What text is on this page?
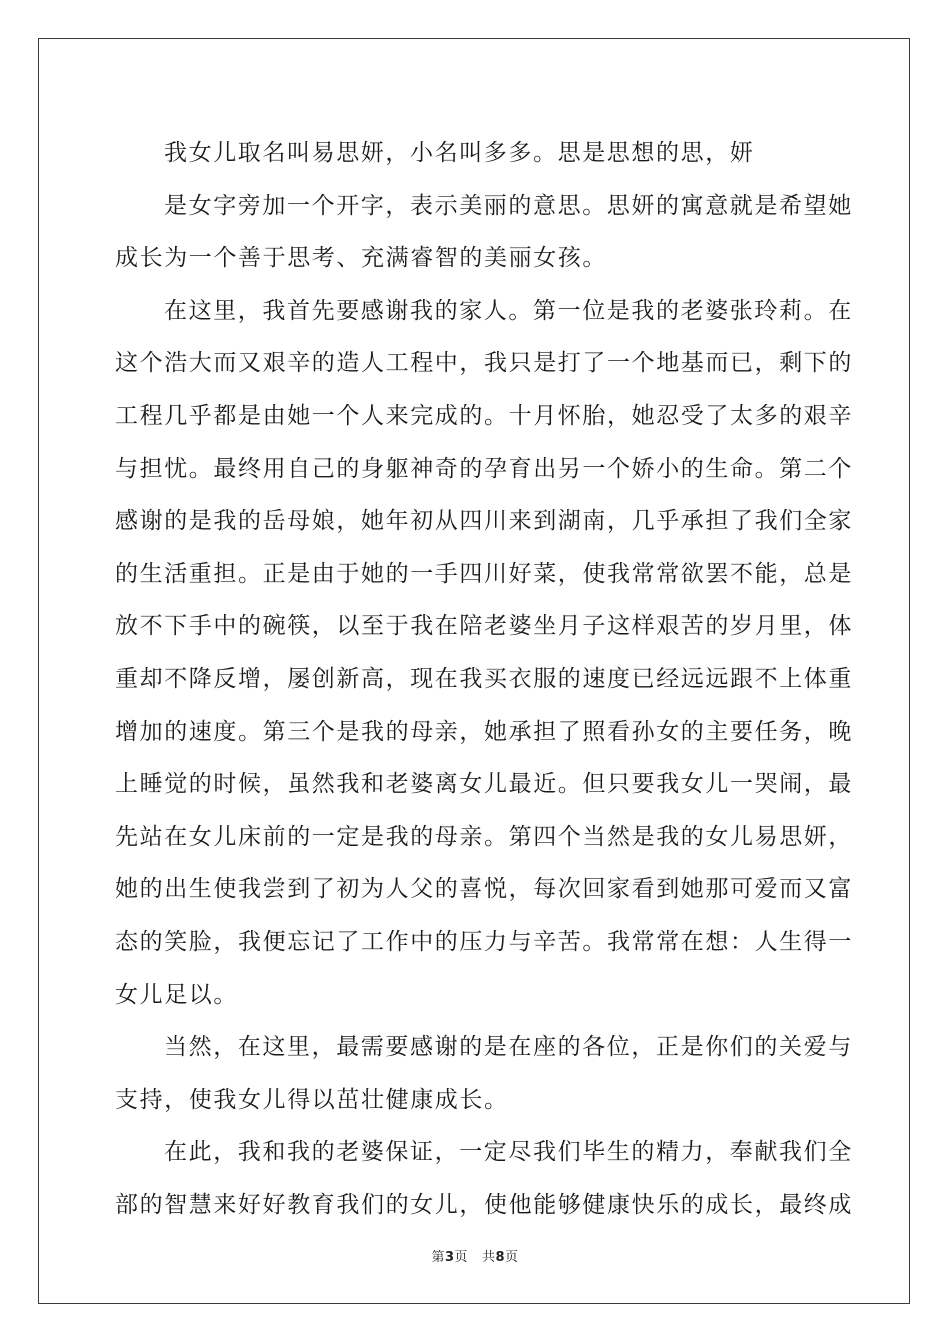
我女儿取名叫易思妍，小名叫多多。思是思想的思，妍
是女字旁加一个开字，表示美丽的意思。思妍的寓意就是希望她
成长为一个善于思考、充满睿智的美丽女孩。
在这里，我首先要感谢我的家人。第一位是我的老婆张玲莉。在
这个浩大而又艰辛的造人工程中，我只是打了一个地基而已，剩下的
工程几乎都是由她一个人来完成的。十月怀胎，她忍受了太多的艰辛
与担忧。最终用自己的身躯神奇的孕育出另一个娇小的生命。第二个
感谢的是我的岳母娘，她年初从四川来到湖南，几乎承担了我们全家
的生活重担。正是由于她的一手四川好菜，使我常常欲罢不能，总是
放不下手中的碗筷，以至于我在陪老婆坐月子这样艰苦的岁月里，体
重却不降反增，屡创新高，现在我买衣服的速度已经远远跟不上体重
增加的速度。第三个是我的母亲，她承担了照看孙女的主要任务，晚
上睡觉的时候，虽然我和老婆离女儿最近。但只要我女儿一哭闹，最
先站在女儿床前的一定是我的母亲。第四个当然是我的女儿易思妍，
她的出生使我尝到了初为人父的喜悦，每次回家看到她那可爱而又富
态的笑脸，我便忘记了工作中的压力与辛苦。我常常在想：人生得一
女儿足以。
当然，在这里，最需要感谢的是在座的各位，正是你们的关爱与
支持，使我女儿得以茁壮健康成长。
在此，我和我的老婆保证，一定尽我们毕生的精力，奉献我们全
部的智慧来好好教育我们的女儿，使他能够健康快乐的成长，最终成
第3页 共8页
